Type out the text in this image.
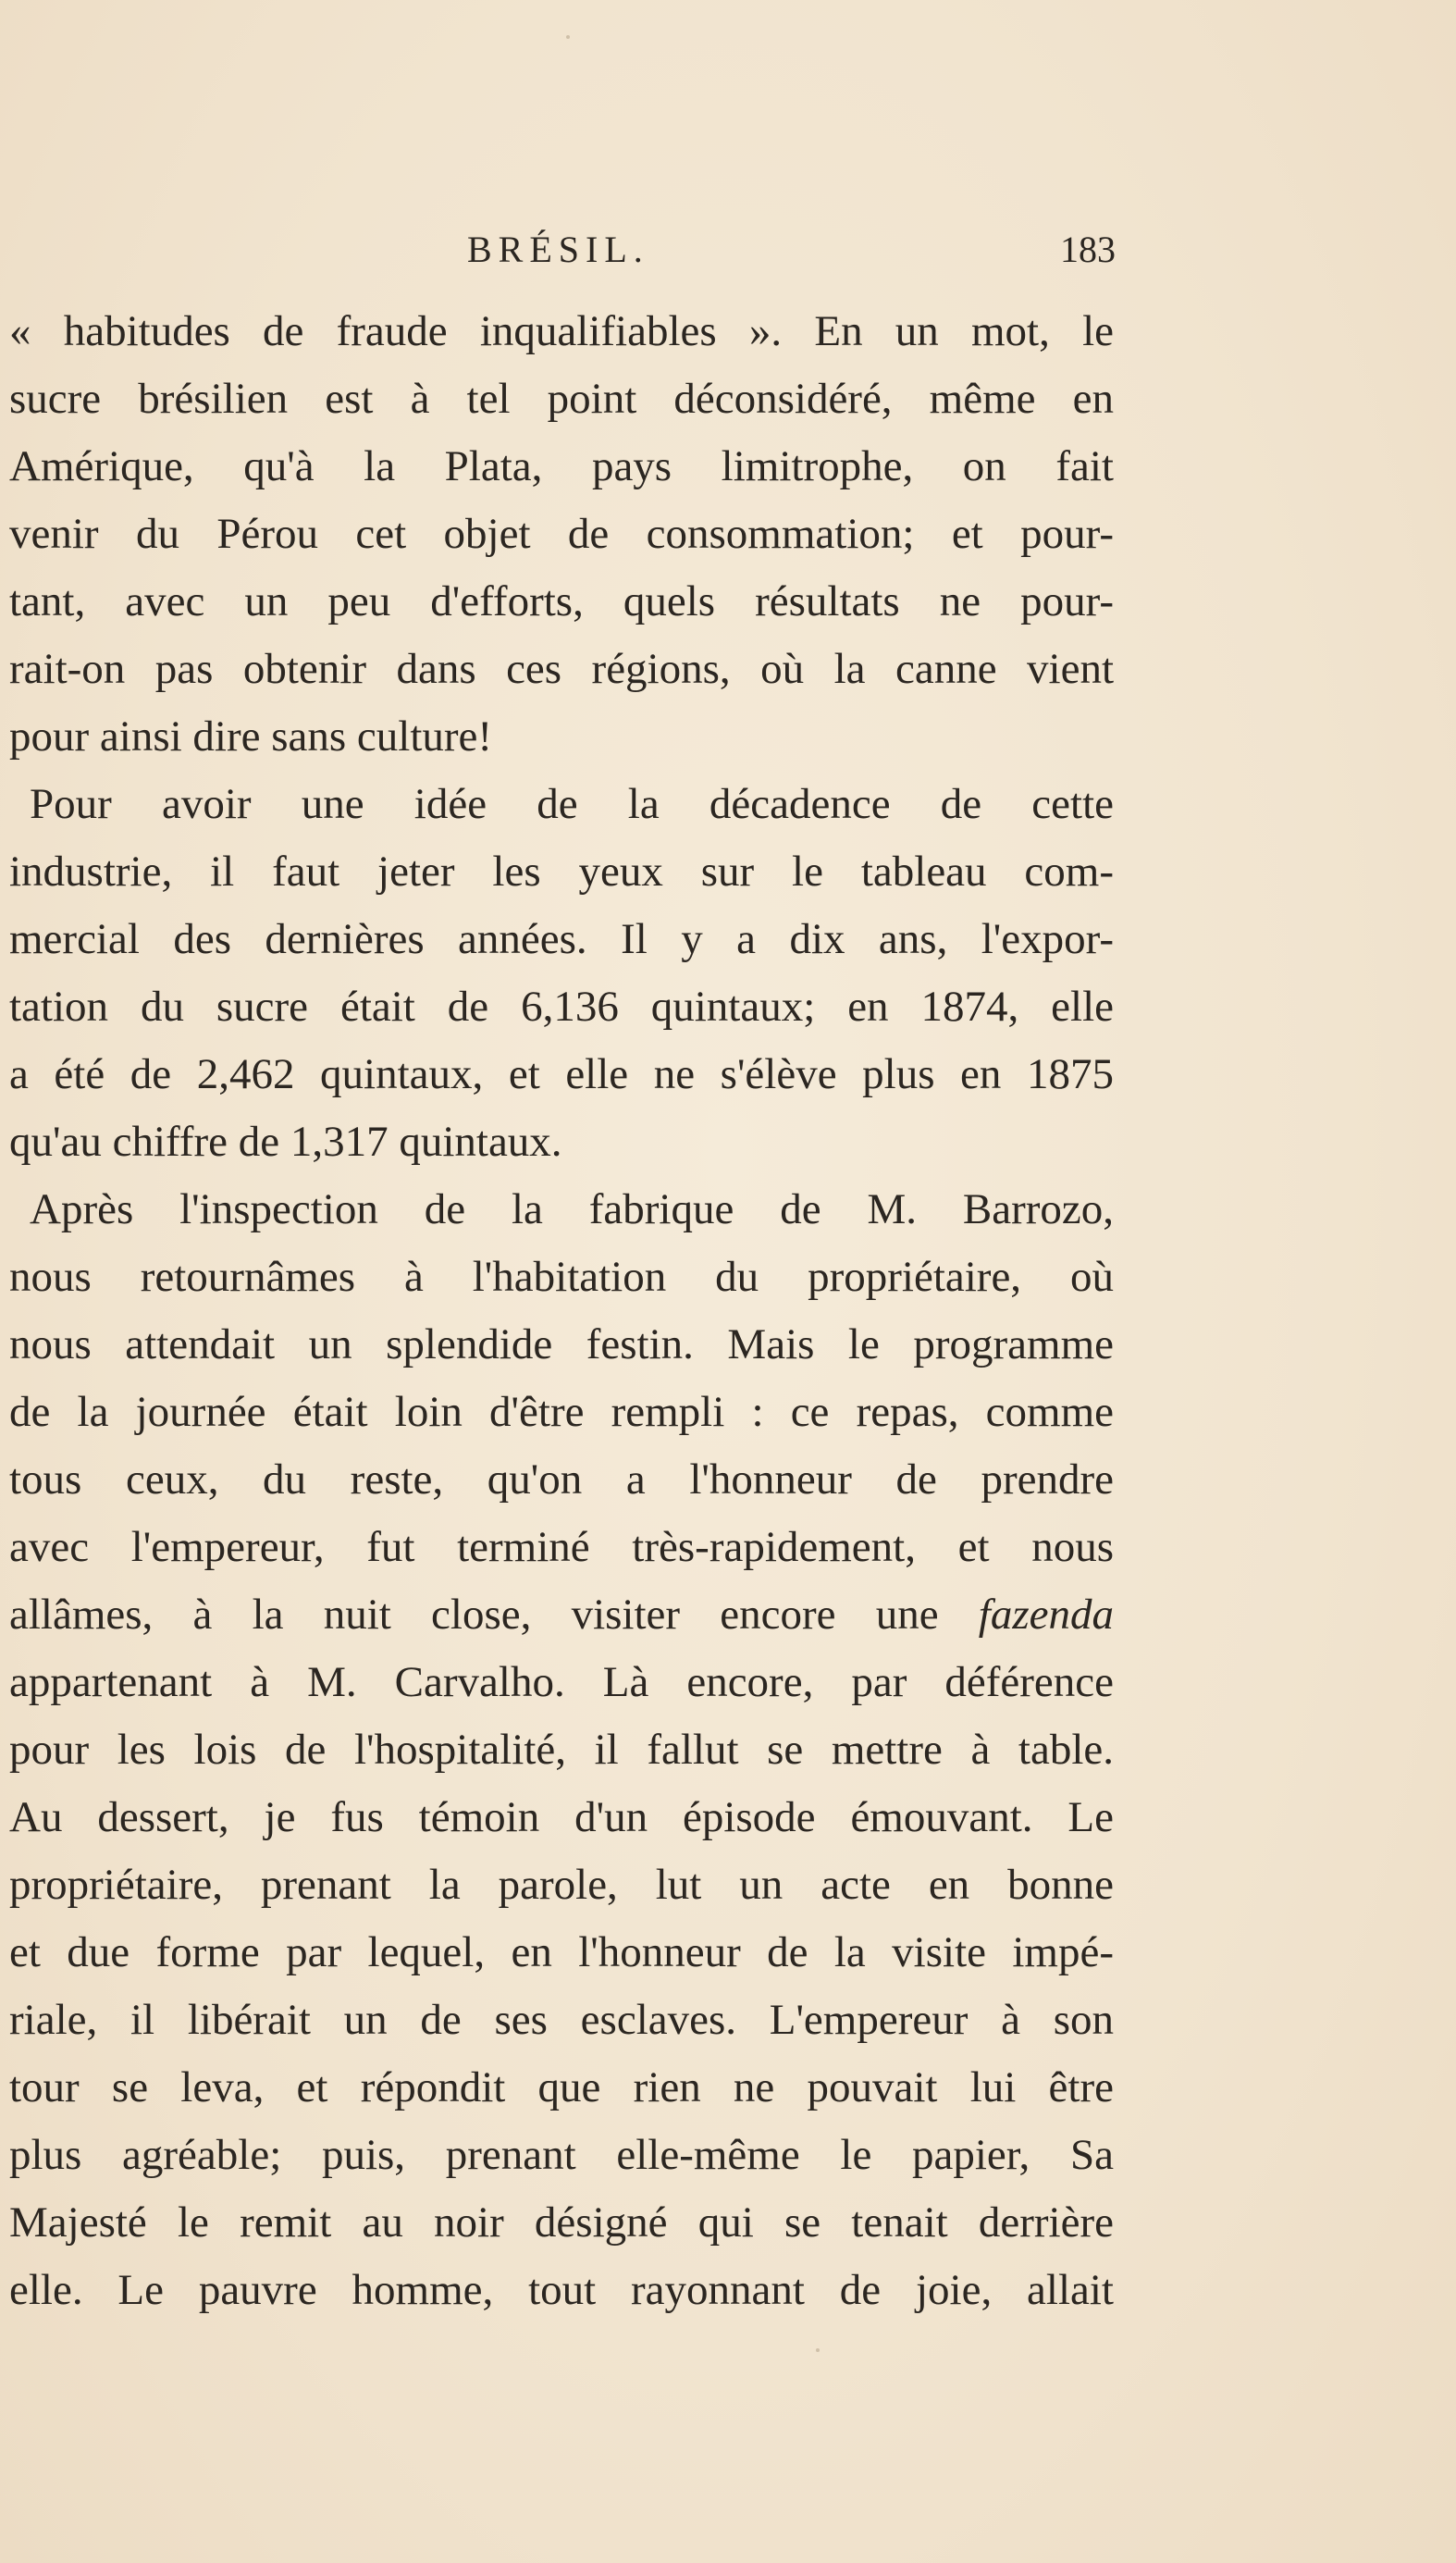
BRÉSIL.	183
« habitudes de fraude inqualifiables ». En un mot, le
sucre brésilien est à tel point déconsidéré, même en
Amérique, qu'à la Plata, pays limitrophe, on fait
venir du Pérou cet objet de consommation; et pour-
tant, avec un peu d'efforts, quels résultats ne pour-
rait-on pas obtenir dans ces régions, où la canne vient
pour ainsi dire sans culture!
Pour avoir une idée de la décadence de cette
industrie, il faut jeter les yeux sur le tableau com-
mercial des dernières années. Il y a dix ans, l'expor-
tation du sucre était de 6,136 quintaux; en 1874, elle
a été de 2,462 quintaux, et elle ne s'élève plus en 1875
qu'au chiffre de 1,317 quintaux.
Après l'inspection de la fabrique de M. Barrozo,
nous retournâmes à l'habitation du propriétaire, où
nous attendait un splendide festin. Mais le programme
de la journée était loin d'être rempli : ce repas, comme
tous ceux, du reste, qu'on a l'honneur de prendre
avec l'empereur, fut terminé très-rapidement, et nous
allâmes, à la nuit close, visiter encore une fazenda
appartenant à M. Carvalho. Là encore, par déférence
pour les lois de l'hospitalité, il fallut se mettre à table.
Au dessert, je fus témoin d'un épisode émouvant. Le
propriétaire, prenant la parole, lut un acte en bonne
et due forme par lequel, en l'honneur de la visite impé-
riale, il libérait un de ses esclaves. L'empereur à son
tour se leva, et répondit que rien ne pouvait lui être
plus agréable; puis, prenant elle-même le papier, Sa
Majesté le remit au noir désigné qui se tenait derrière
elle. Le pauvre homme, tout rayonnant de joie, allait
